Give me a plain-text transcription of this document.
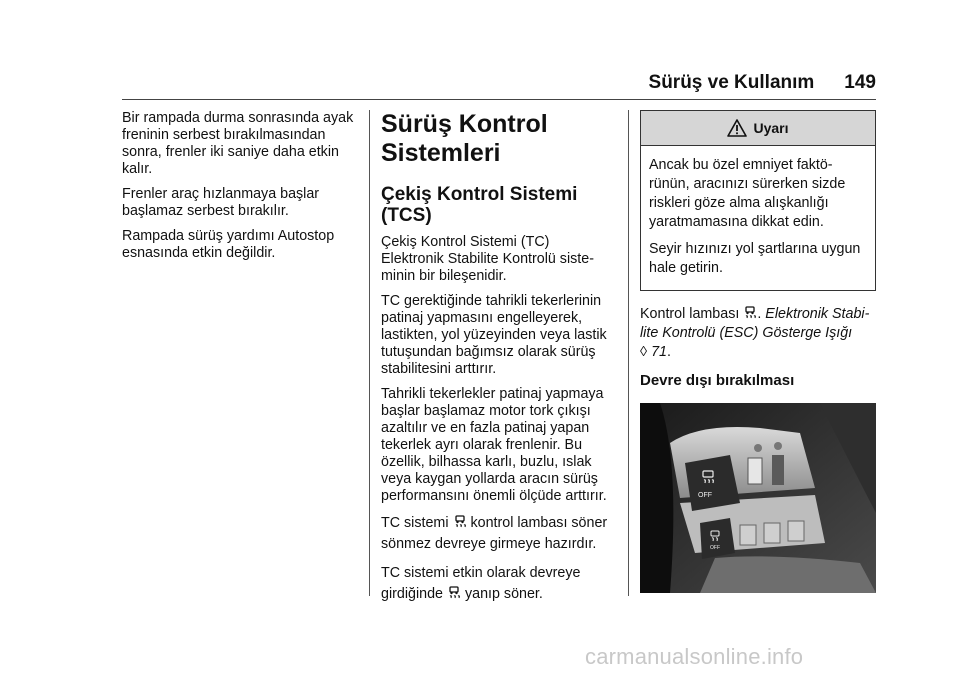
Sürüş ve Kullanım 149

Bir rampada durma sonrasında ayak freninin serbest bırakılmasından sonra, frenler iki saniye daha etkin kalır.

Frenler araç hızlanmaya başlar başlamaz serbest bırakılır.

Rampada sürüş yardımı Autostop esnasında etkin değildir.

Sürüş Kontrol Sistemleri
Çekiş Kontrol Sistemi (TCS)

Çekiş Kontrol Sistemi (TC) Elektronik Stabilite Kontrolü siste-minin bir bileşenidir.

TC gerektiğinde tahrikli tekerlerinin patinaj yapmasını engelleyerek, lastikten, yol yüzeyinden veya lastik tutuşundan bağımsız olarak sürüş stabilitesini arttırır.

Tahrikli tekerlekler patinaj yapmaya başlar başlamaz motor tork çıkışı azaltılır ve en fazla patinaj yapan tekerlek ayrı olarak frenlenir. Bu özellik, bilhassa karlı, buzlu, ıslak veya kaygan yollarda aracın sürüş performansını önemli ölçüde arttırır.

TC sistemi kontrol lambası söner sönmez devreye girmeye hazırdır.

TC sistemi etkin olarak devreye girdiğinde yanıp söner.

Uyarı

Ancak bu özel emniyet faktö-rünün, aracınızı sürerken sizde riskleri göze alma alışkanlığı yaratmamasına dikkat edin.

Seyir hızınızı yol şartlarına uygun hale getirin.

Kontrol lambası . Elektronik Stabi-lite Kontrolü (ESC) Gösterge Işığı
◊ 71.

Devre dışı bırakılması
OFF
OFF
carmanualsonline.info
